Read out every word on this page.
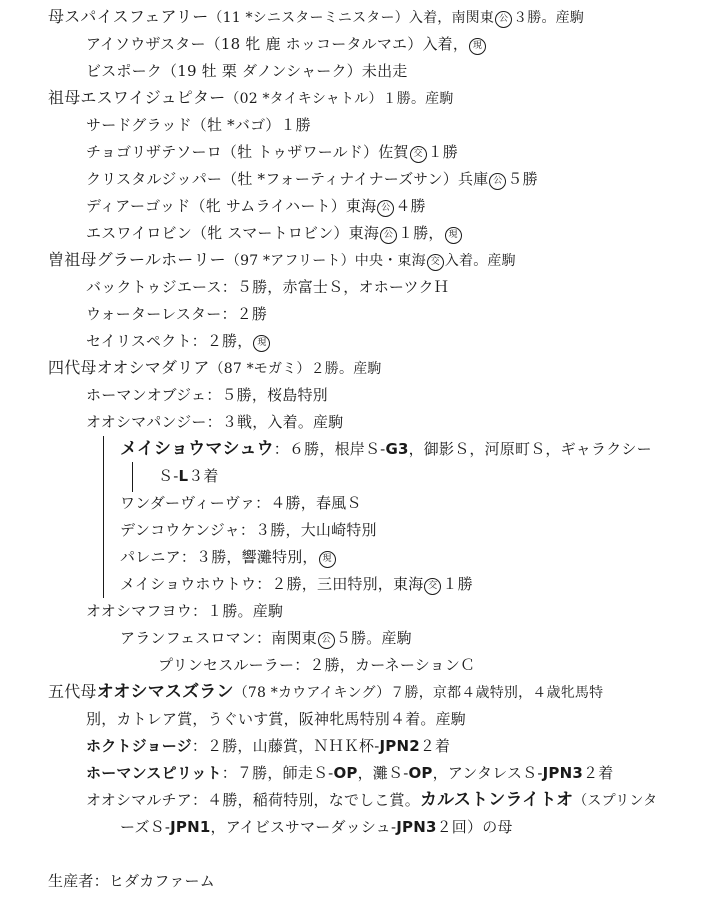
母スパイスフェアリー（11 *シニスターミニスター）入着，南関東 公 ３勝。産駒
アイソウザスター（18 牝 鹿 ホッコータルマエ）入着， 現
ビスポーク（19 牡 栗 ダノンシャーク）未出走
祖母エスワイジュピター（02 *タイキシャトル）１勝。産駒
サードグラッド（牡 *バゴ）１勝
チョゴリザテソーロ（牡 トゥザワールド）佐賀 交 １勝
クリスタルジッパー（牡 *フォーティナイナーズサン）兵庫 公 ５勝
ディアーゴッド（牝 サムライハート）東海 公 ４勝
エスワイロビン（牝 スマートロビン）東海 公 １勝， 現
曽祖母グラールホーリー（97 *アフリート）中央・東海 交 入着。産駒
バックトゥジエース：５勝，赤富士Ｓ，オホーツクＨ
ウォーターレスター：２勝
セイリスペクト：２勝， 現
四代母オオシマダリア（87 *モガミ）２勝。産駒
ホーマンオブジェ：５勝，桜島特別
オオシマパンジー：３戦，入着。産駒
メイショウマシュウ：６勝，根岸Ｓ-G3，御影Ｓ，河原町Ｓ，ギャラクシー
Ｓ-L３着
ワンダーヴィーヴァ：４勝，春風Ｓ
デンコウケンジャ：３勝，大山崎特別
パレニア：３勝，響灘特別， 現
メイショウホウトウ：２勝，三田特別，東海 交 １勝
オオシマフヨウ：１勝。産駒
アランフェスロマン：南関東 公 ５勝。産駒
プリンセスルーラー：２勝，カーネーションＣ
五代母オオシマスズラン（78 *カウアイキング）７勝，京都４歳特別，４歳牝馬特
別，カトレア賞，うぐいす賞，阪神牝馬特別４着。産駒
ホクトジョージ：２勝，山藤賞，ＮＨＫ杯-JPN2２着
ホーマンスピリット：７勝，師走Ｓ-OP，灘Ｓ-OP，アンタレスＳ-JPN3２着
オオシマルチア：４勝，稲荷特別，なでしこ賞。カルストンライトオ（スプリンタ
ーズＳ-JPN1，アイビスサマーダッシュ-JPN3２回）の母
生産者：ヒダカファーム
